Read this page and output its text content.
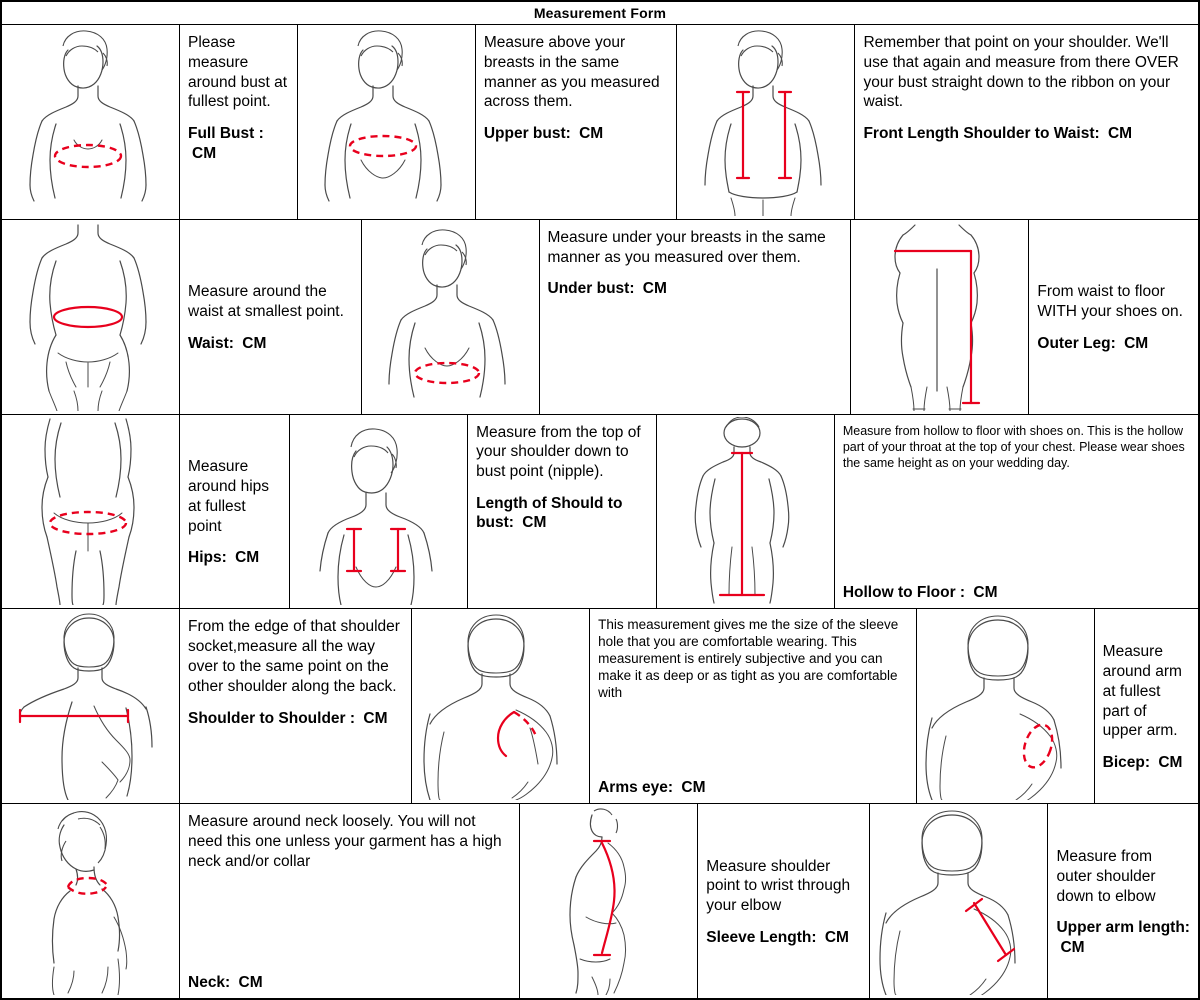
Measurement Form
Please measure around bust at fullest point.
Full Bust : CM
Measure above your breasts in the same manner as you measured across them.
Upper bust: CM
Remember that point on your shoulder. We'll use that again and measure from there OVER your bust straight down to the ribbon on your waist.
Front Length Shoulder to Waist: CM
Measure around the waist at smallest point.
Waist: CM
Measure under your breasts in the same manner as you measured over them.
Under bust: CM	From waist to floor WITH your shoes on.
Outer Leg: CM
Measure around hips at fullest point
Hips: CM
Measure from the top of your shoulder down to bust point (nipple).
Length of Should to bust: CM
Measure from hollow to floor with shoes on. This is the hollow part of your throat at the top of your chest. Please wear shoes the same height as on your wedding day.
Hollow to Floor : CM
From the edge of that shoulder socket,measure all the way over to the same point on the other shoulder along the back.
Shoulder to Shoulder : CM
This measurement gives me the size of the sleeve hole that you are comfortable wearing. This measurement is entirely subjective and you can make it as deep or as tight as you are comfortable with
Arms eye: CM
Measure around arm at fullest part of upper arm.
Bicep: CM
Measure around neck loosely. You will not need this one unless your garment has a high neck and/or collar
Neck: CM
Measure shoulder point to wrist through your elbow
Sleeve Length: CM
Measure from outer shoulder down to elbow
Upper arm length: CM
